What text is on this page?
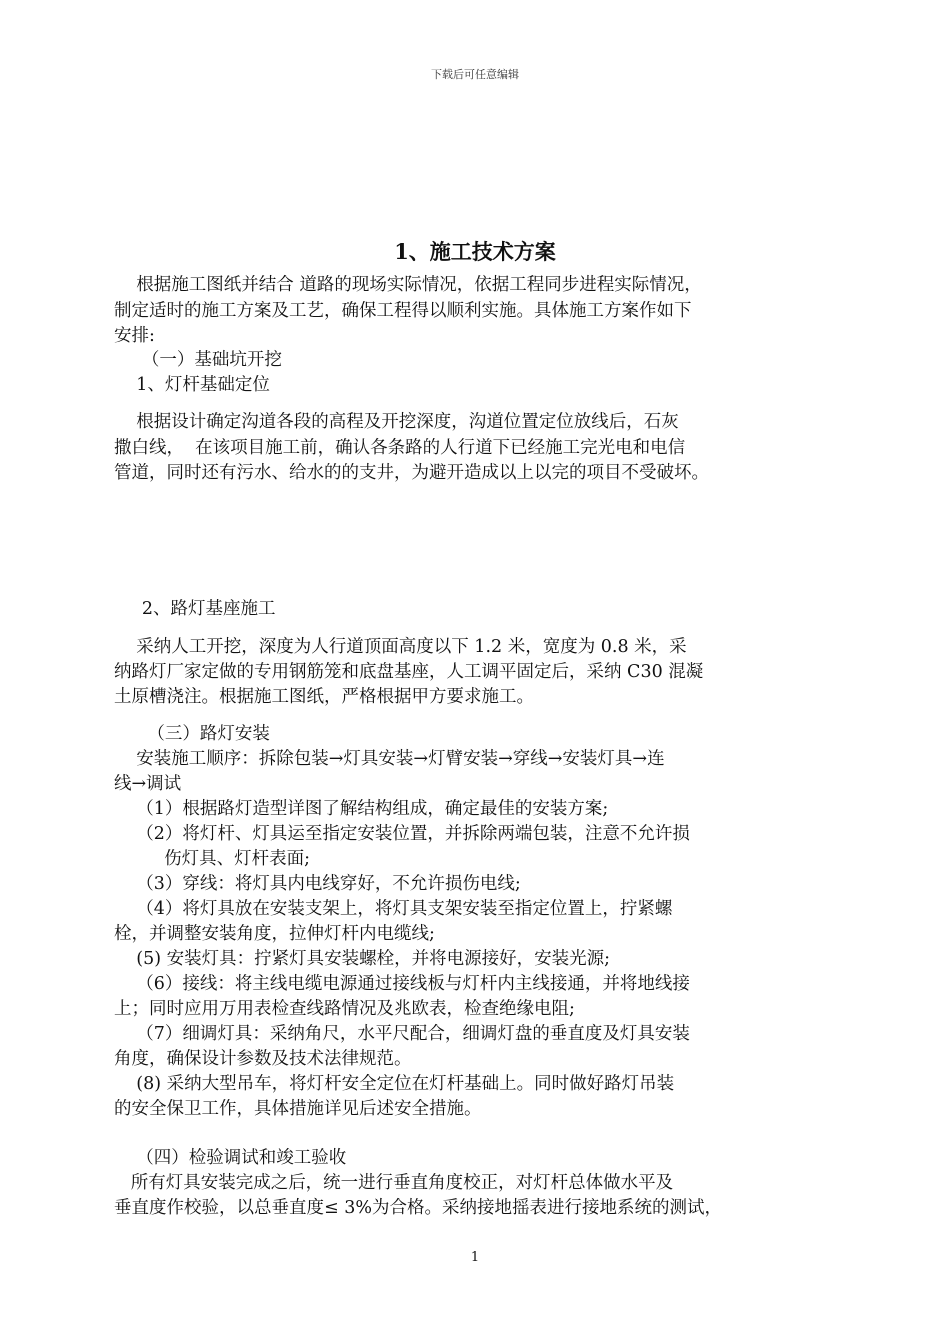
下载后可任意编辑
1、施工技术方案
根据施工图纸并结合 道路的现场实际情况，依据工程同步进程实际情况，
制定适时的施工方案及工艺，确保工程得以顺利实施。具体施工方案作如下
安排:
（一）基础坑开挖
1、灯杆基础定位
根据设计确定沟道各段的高程及开挖深度，沟道位置定位放线后，石灰
撒白线，  在该项目施工前，确认各条路的人行道下已经施工完光电和电信
管道，同时还有污水、给水的的支井，为避开造成以上以完的项目不受破坏。
2、路灯基座施工
采纳人工开挖，深度为人行道顶面高度以下 1.2 米，宽度为 0.8 米，采
纳路灯厂家定做的专用钢筋笼和底盘基座，人工调平固定后，采纳 C30 混凝
土原槽浇注。根据施工图纸，严格根据甲方要求施工。
（三）路灯安装
安装施工顺序：拆除包装→灯具安装→灯臂安装→穿线→安装灯具→连
线→调试
（1）根据路灯造型详图了解结构组成，确定最佳的安装方案;
（2）将灯杆、灯具运至指定安装位置，并拆除两端包装，注意不允许损
伤灯具、灯杆表面;
（3）穿线：将灯具内电线穿好，不允许损伤电线;
（4）将灯具放在安装支架上，将灯具支架安装至指定位置上，拧紧螺
栓，并调整安装角度，拉伸灯杆内电缆线;
(5) 安装灯具：拧紧灯具安装螺栓，并将电源接好，安装光源;
（6）接线：将主线电缆电源通过接线板与灯杆内主线接通，并将地线接
上；同时应用万用表检查线路情况及兆欧表，检查绝缘电阻;
（7）细调灯具：采纳角尺，水平尺配合，细调灯盘的垂直度及灯具安装
角度，确保设计参数及技术法律规范。
(8) 采纳大型吊车，将灯杆安全定位在灯杆基础上。同时做好路灯吊装
的安全保卫工作，具体措施详见后述安全措施。
（四）检验调试和竣工验收
所有灯具安装完成之后，统一进行垂直角度校正，对灯杆总体做水平及
垂直度作校验，以总垂直度≤ 3%为合格。采纳接地摇表进行接地系统的测试，
1
